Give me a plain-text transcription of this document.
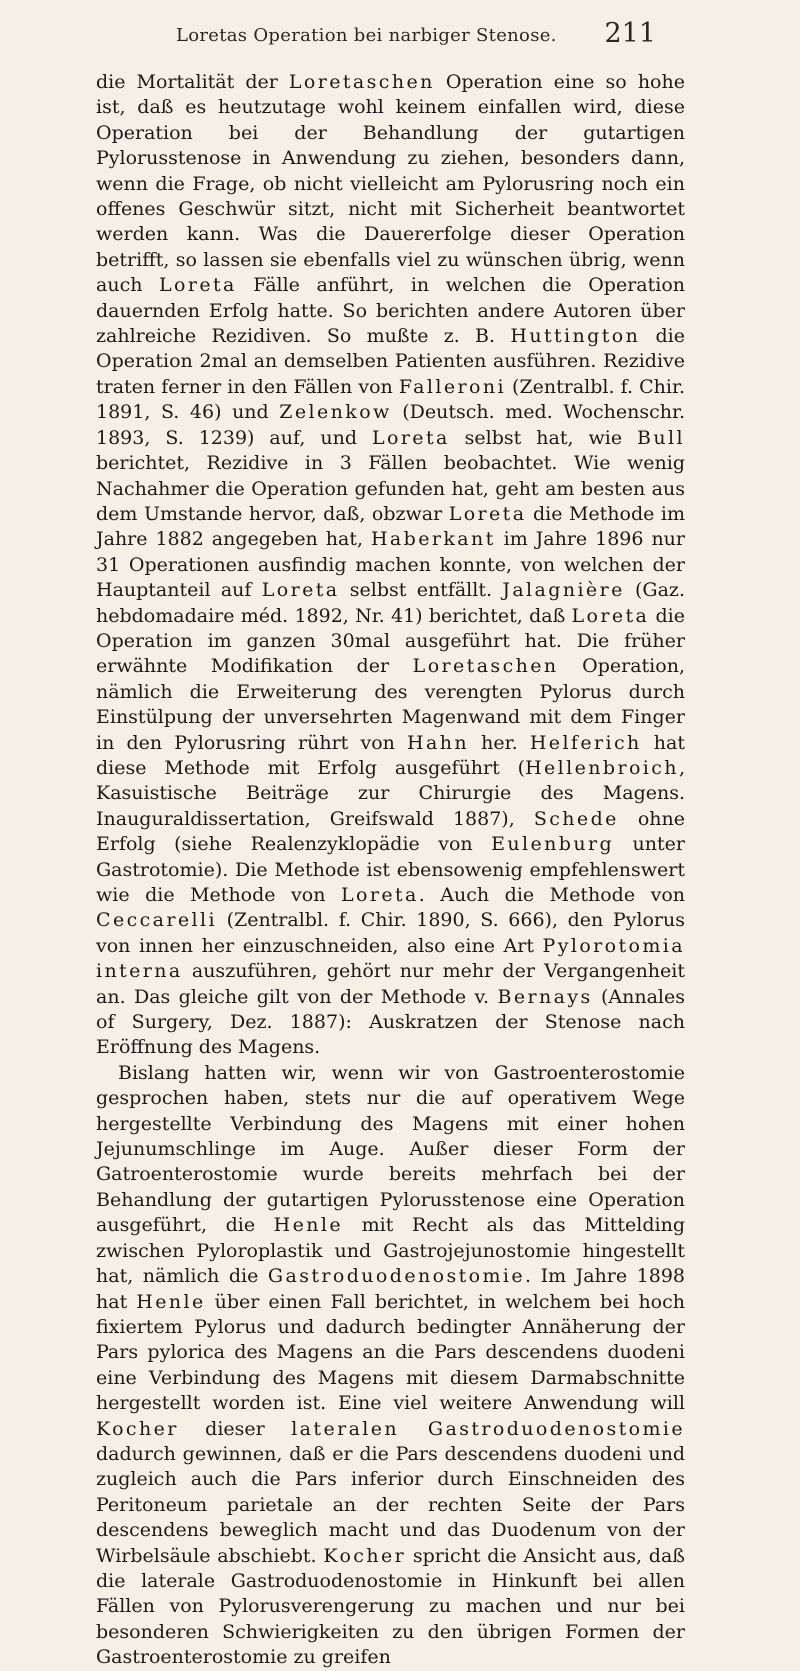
Loretas Operation bei narbiger Stenose. 211

die Mortalität der Loretaschen Operation eine so hohe ist, daß es heutzutage wohl keinem einfallen wird, diese Operation bei der Behandlung der gutartigen Pylorusstenose in Anwendung zu ziehen, besonders dann, wenn die Frage, ob nicht vielleicht am Pylorusring noch ein offenes Geschwür sitzt, nicht mit Sicherheit beantwortet werden kann. Was die Dauererfolge dieser Operation betrifft, so lassen sie ebenfalls viel zu wünschen übrig, wenn auch Loreta Fälle anführt, in welchen die Operation dauernden Erfolg hatte. So berichten andere Autoren über zahlreiche Rezidiven. So mußte z. B. Huttington die Operation 2mal an demselben Patienten ausführen. Rezidive traten ferner in den Fällen von Falleroni (Zentralbl. f. Chir. 1891, S. 46) und Zelenkow (Deutsch. med. Wochenschr. 1893, S. 1239) auf, und Loreta selbst hat, wie Bull berichtet, Rezidive in 3 Fällen beobachtet. Wie wenig Nachahmer die Operation gefunden hat, geht am besten aus dem Umstande hervor, daß, obzwar Loreta die Methode im Jahre 1882 angegeben hat, Haberkant im Jahre 1896 nur 31 Operationen ausfindig machen konnte, von welchen der Hauptanteil auf Loreta selbst entfällt. Jalagnière (Gaz. hebdomadaire méd. 1892, Nr. 41) berichtet, daß Loreta die Operation im ganzen 30mal ausgeführt hat. Die früher erwähnte Modifikation der Loretaschen Operation, nämlich die Erweiterung des verengten Pylorus durch Einstülpung der unversehrten Magenwand mit dem Finger in den Pylorusring rührt von Hahn her. Helferich hat diese Methode mit Erfolg ausgeführt (Hellenbroich, Kasuistische Beiträge zur Chirurgie des Magens. Inauguraldissertation, Greifswald 1887), Schede ohne Erfolg (siehe Realenzyklopädie von Eulenburg unter Gastrotomie). Die Methode ist ebensowenig empfehlenswert wie die Methode von Loreta. Auch die Methode von Ceccarelli (Zentralbl. f. Chir. 1890, S. 666), den Pylorus von innen her einzuschneiden, also eine Art Pylorotomia interna auszuführen, gehört nur mehr der Vergangenheit an. Das gleiche gilt von der Methode v. Bernays (Annales of Surgery, Dez. 1887): Auskratzen der Stenose nach Eröffnung des Magens.

Bislang hatten wir, wenn wir von Gastroenterostomie gesprochen haben, stets nur die auf operativem Wege hergestellte Verbindung des Magens mit einer hohen Jejunumschlinge im Auge. Außer dieser Form der Gatroenterostomie wurde bereits mehrfach bei der Behandlung der gutartigen Pylorusstenose eine Operation ausgeführt, die Henle mit Recht als das Mittelding zwischen Pyloroplastik und Gastrojejunostomie hingestellt hat, nämlich die Gastroduodenostomie. Im Jahre 1898 hat Henle über einen Fall berichtet, in welchem bei hoch fixiertem Pylorus und dadurch bedingter Annäherung der Pars pylorica des Magens an die Pars descendens duodeni eine Verbindung des Magens mit diesem Darmabschnitte hergestellt worden ist. Eine viel weitere Anwendung will Kocher dieser lateralen Gastroduodenostomie dadurch gewinnen, daß er die Pars descendens duodeni und zugleich auch die Pars inferior durch Einschneiden des Peritoneum parietale an der rechten Seite der Pars descendens beweglich macht und das Duodenum von der Wirbelsäule abschiebt. Kocher spricht die Ansicht aus, daß die laterale Gastroduodenostomie in Hinkunft bei allen Fällen von Pylorusverengerung zu machen und nur bei besonderen Schwierigkeiten zu den übrigen Formen der Gastroenterostomie zu greifen
